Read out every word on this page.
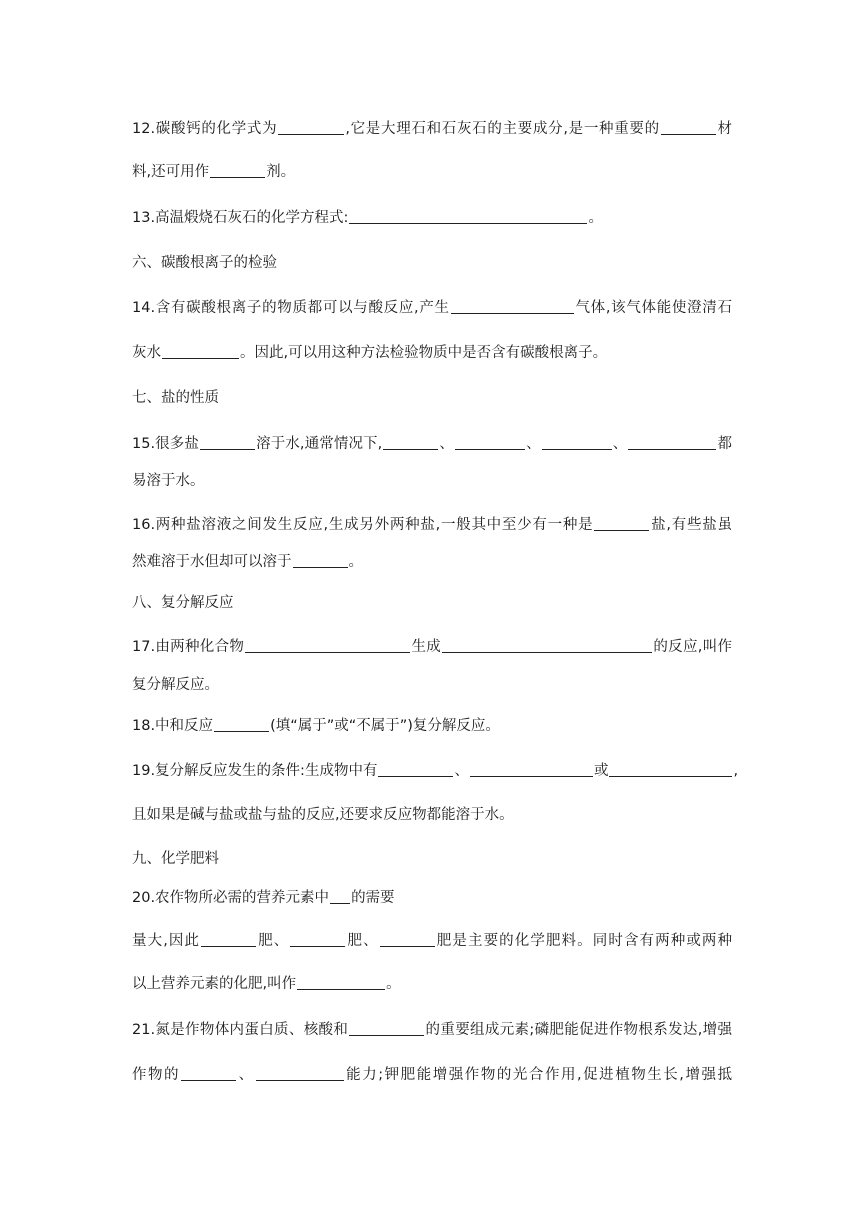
12.碳酸钙的化学式为	,它是大理石和石灰石的主要成分,是一种重要的	材
料,还可用作	剂。
13.高温煅烧石灰石的化学方程式:	。
六、碳酸根离子的检验
14.含有碳酸根离子的物质都可以与酸反应,产生	气体,该气体能使澄清石
灰水	。因此,可以用这种方法检验物质中是否含有碳酸根离子。
七、盐的性质
15.很多盐	溶于水,通常情况下,	、	、	、	都
易溶于水。
16.两种盐溶液之间发生反应,生成另外两种盐,一般其中至少有一种是	盐,有些盐虽
然难溶于水但却可以溶于	。
八、复分解反应
17.由两种化合物	生成	的反应,叫作
复分解反应。
18.中和反应	(填“属于”或“不属于”)复分解反应。
19.复分解反应发生的条件:生成物中有	、	或	,
且如果是碱与盐或盐与盐的反应,还要求反应物都能溶于水。
九、化学肥料
20.农作物所必需的营养元素中 的需要
量大,因此	肥、	肥、	肥是主要的化学肥料。同时含有两种或两种
以上营养元素的化肥,叫作	。
21.氮是作物体内蛋白质、核酸和	的重要组成元素;磷肥能促进作物根系发达,增强
作物的	、	能力;钾肥能增强作物的光合作用,促进植物生长,增强抵
